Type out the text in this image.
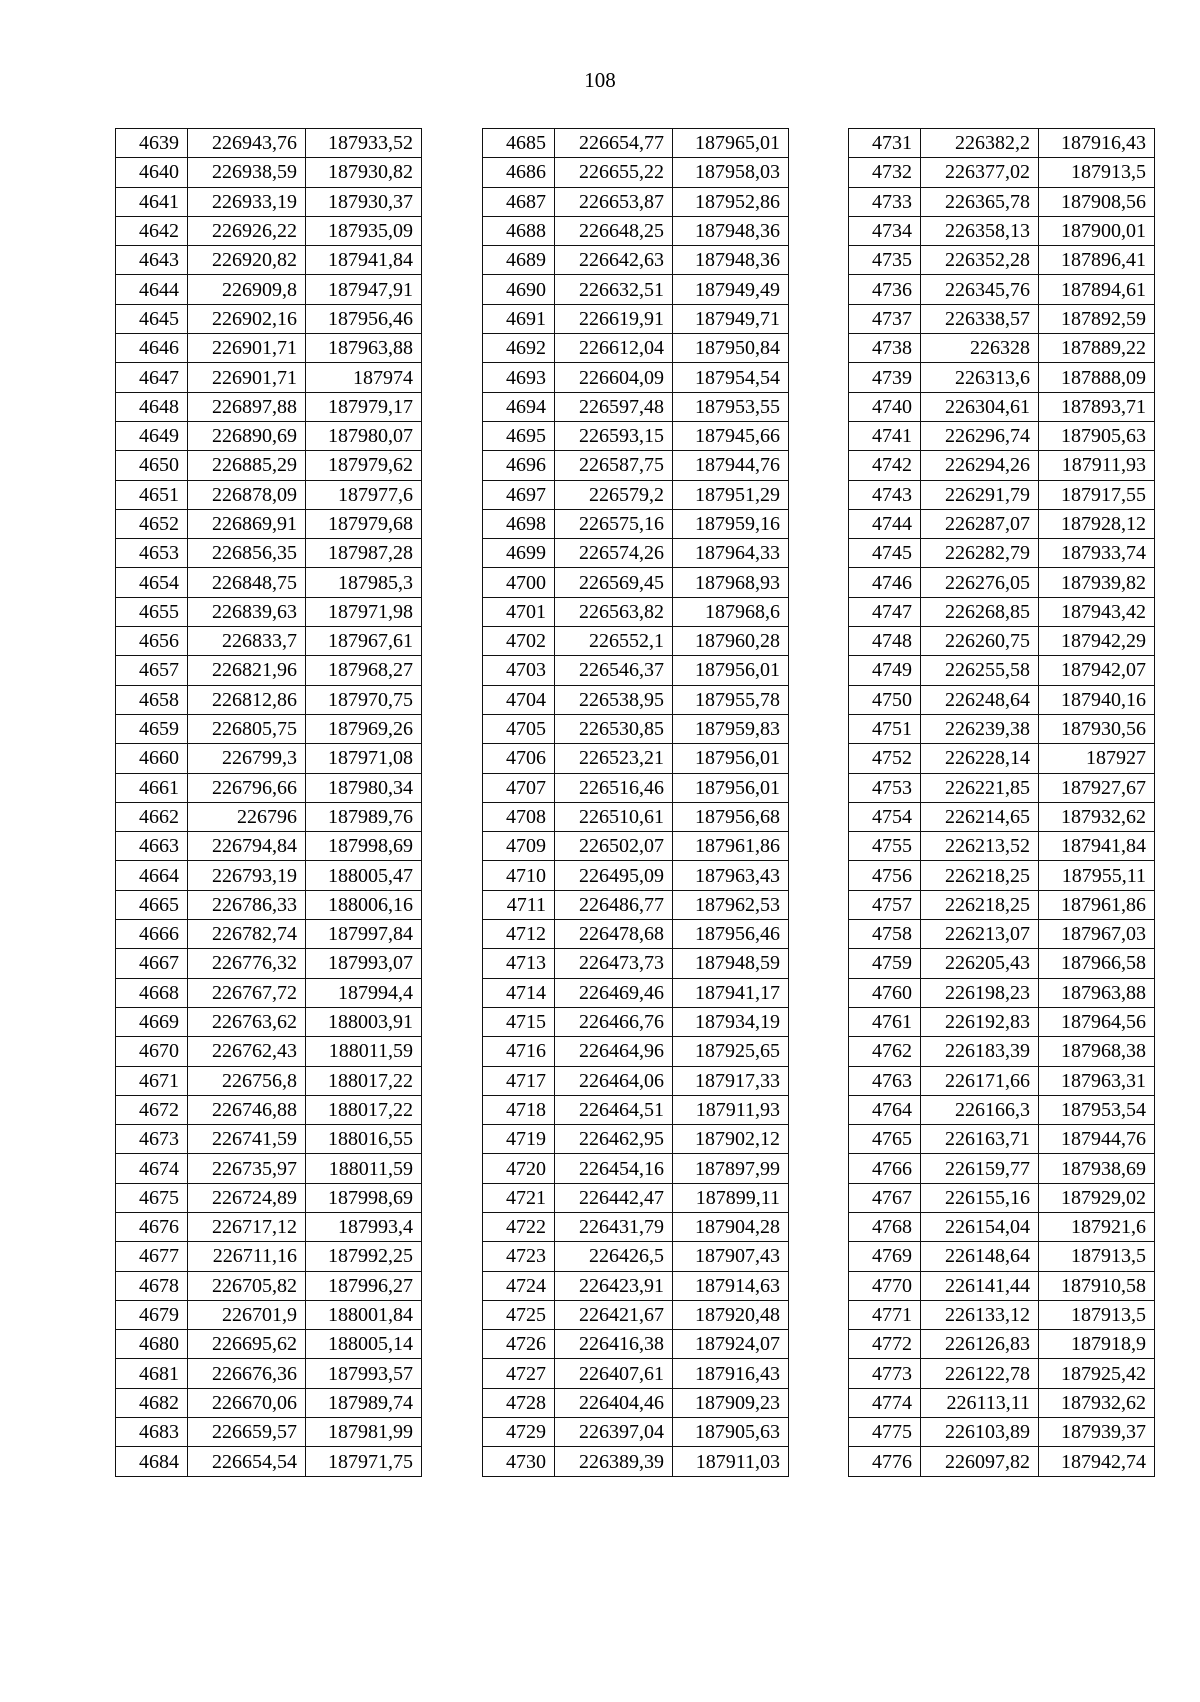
108
4639	226943,76	187933,52
4640	226938,59	187930,82
4641	226933,19	187930,37
4642	226926,22	187935,09
4643	226920,82	187941,84
4644	226909,8	187947,91
4645	226902,16	187956,46
4646	226901,71	187963,88
4647	226901,71	187974
4648	226897,88	187979,17
4649	226890,69	187980,07
4650	226885,29	187979,62
4651	226878,09	187977,6
4652	226869,91	187979,68
4653	226856,35	187987,28
4654	226848,75	187985,3
4655	226839,63	187971,98
4656	226833,7	187967,61
4657	226821,96	187968,27
4658	226812,86	187970,75
4659	226805,75	187969,26
4660	226799,3	187971,08
4661	226796,66	187980,34
4662	226796	187989,76
4663	226794,84	187998,69
4664	226793,19	188005,47
4665	226786,33	188006,16
4666	226782,74	187997,84
4667	226776,32	187993,07
4668	226767,72	187994,4
4669	226763,62	188003,91
4670	226762,43	188011,59
4671	226756,8	188017,22
4672	226746,88	188017,22
4673	226741,59	188016,55
4674	226735,97	188011,59
4675	226724,89	187998,69
4676	226717,12	187993,4
4677	226711,16	187992,25
4678	226705,82	187996,27
4679	226701,9	188001,84
4680	226695,62	188005,14
4681	226676,36	187993,57
4682	226670,06	187989,74
4683	226659,57	187981,99
4684	226654,54	187971,75
4685	226654,77	187965,01
4686	226655,22	187958,03
4687	226653,87	187952,86
4688	226648,25	187948,36
4689	226642,63	187948,36
4690	226632,51	187949,49
4691	226619,91	187949,71
4692	226612,04	187950,84
4693	226604,09	187954,54
4694	226597,48	187953,55
4695	226593,15	187945,66
4696	226587,75	187944,76
4697	226579,2	187951,29
4698	226575,16	187959,16
4699	226574,26	187964,33
4700	226569,45	187968,93
4701	226563,82	187968,6
4702	226552,1	187960,28
4703	226546,37	187956,01
4704	226538,95	187955,78
4705	226530,85	187959,83
4706	226523,21	187956,01
4707	226516,46	187956,01
4708	226510,61	187956,68
4709	226502,07	187961,86
4710	226495,09	187963,43
4711	226486,77	187962,53
4712	226478,68	187956,46
4713	226473,73	187948,59
4714	226469,46	187941,17
4715	226466,76	187934,19
4716	226464,96	187925,65
4717	226464,06	187917,33
4718	226464,51	187911,93
4719	226462,95	187902,12
4720	226454,16	187897,99
4721	226442,47	187899,11
4722	226431,79	187904,28
4723	226426,5	187907,43
4724	226423,91	187914,63
4725	226421,67	187920,48
4726	226416,38	187924,07
4727	226407,61	187916,43
4728	226404,46	187909,23
4729	226397,04	187905,63
4730	226389,39	187911,03
4731	226382,2	187916,43
4732	226377,02	187913,5
4733	226365,78	187908,56
4734	226358,13	187900,01
4735	226352,28	187896,41
4736	226345,76	187894,61
4737	226338,57	187892,59
4738	226328	187889,22
4739	226313,6	187888,09
4740	226304,61	187893,71
4741	226296,74	187905,63
4742	226294,26	187911,93
4743	226291,79	187917,55
4744	226287,07	187928,12
4745	226282,79	187933,74
4746	226276,05	187939,82
4747	226268,85	187943,42
4748	226260,75	187942,29
4749	226255,58	187942,07
4750	226248,64	187940,16
4751	226239,38	187930,56
4752	226228,14	187927
4753	226221,85	187927,67
4754	226214,65	187932,62
4755	226213,52	187941,84
4756	226218,25	187955,11
4757	226218,25	187961,86
4758	226213,07	187967,03
4759	226205,43	187966,58
4760	226198,23	187963,88
4761	226192,83	187964,56
4762	226183,39	187968,38
4763	226171,66	187963,31
4764	226166,3	187953,54
4765	226163,71	187944,76
4766	226159,77	187938,69
4767	226155,16	187929,02
4768	226154,04	187921,6
4769	226148,64	187913,5
4770	226141,44	187910,58
4771	226133,12	187913,5
4772	226126,83	187918,9
4773	226122,78	187925,42
4774	226113,11	187932,62
4775	226103,89	187939,37
4776	226097,82	187942,74
